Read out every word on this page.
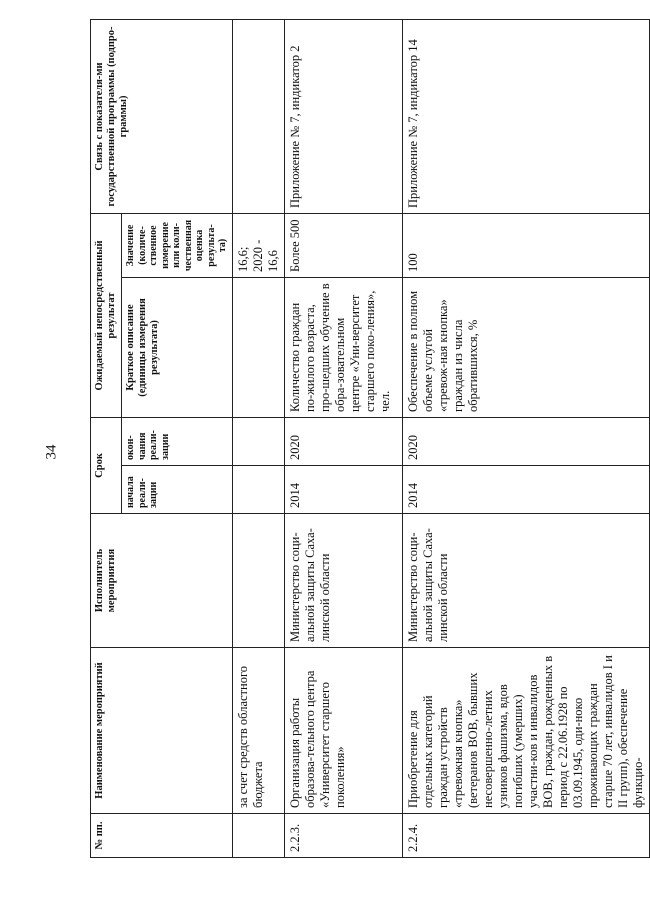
34
№ пп.	Наименование мероприятий	Исполнитель мероприятия	Срок		Ожидаемый непосредственный результат		Связь с показателя-ми государственной программы (подпро-граммы)
			начала реали-зации	окон-чания реали-зации	Краткое описание (единицы измерения результата)	Значение (количе-ственное измерение или коли-чественная оценка результа-та)	
	за счет средств областного бюджета					16,6; 2020 - 16,6	
2.2.3.	Организация работы образова-тельного центра «Университет старшего поколения»	Министерство соци-альной защиты Саха-линской области	2014	2020	Количество граждан по-жилого возраста, про-шедших обучение в обра-зовательном центре «Уни-верситет старшего поко-ления», чел.	Более 500	Приложение № 7, индикатор 2
2.2.4.	Приобретение для отдельных категорий граждан устройств «тревожная кнопка» (ветеранов ВОВ, бывших несовершенно-летних узников фашизма, вдов погибших (умерших) участни-ков и инвалидов ВОВ, граждан, рожденных в период с 22.06.1928 по 03.09.1945, оди-ноко проживающих граждан старше 70 лет, инвалидов I и II групп), обеспечение функцио-	Министерство соци-альной защиты Саха-линской области	2014	2020	Обеспечение в полном объеме услугой «тревож-ная кнопка» граждан из числа обратившихся, %	100	Приложение № 7, индикатор 14
